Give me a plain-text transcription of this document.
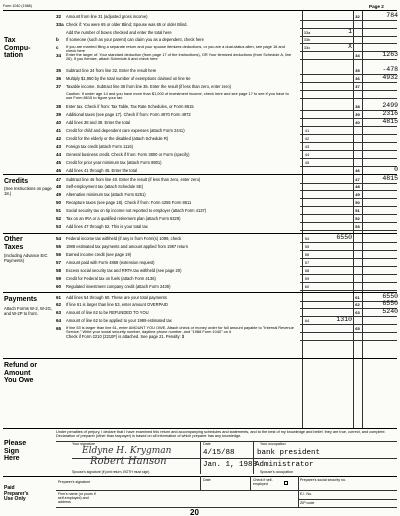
Form 1040 (1988)	Page 2
Tax
Compu-
tation
Credits
(See Instructions on page 18.)
Other
Taxes
(Including Advance EIC Payments)
Payments
Attach Forms W-2, W-2G, and W-2P to front.
Refund or
Amount
You Owe
Please
Sign
Here
Paid
Preparer's
Use Only
32	Amount from line 31 (adjusted gross income)	32	784
33a Check if: You were 65 or older Blind; Spouse was 65 or older Blind.
Add the number of boxes checked and enter the total here	33a	1
b	If someone (such as your parent) can claim you as a dependent, check here	33b
c	If you are married filing a separate return and your spouse itemizes deductions, or you are a dual-status alien, see page 16 and check here
33c	X
34	Enter the larger of: Your standard deduction (from page 17 of the Instructions), OR Your itemized deductions (from Schedule A, line 26). If you itemize, attach Schedule A and check here
34	1263
35	Subtract line 34 from line 32. Enter the result here	35	-478
36	Multiply $1,950 by the total number of exemptions claimed on line 6e	36	4932
37	Taxable income. Subtract line 36 from line 35. Enter the result (if less than zero, enter zero)	37
Caution: If under age 14 and you have more than $1,000 of investment income, check here and see page 17 to see if you have to use Form 8615 to figure your tax.
38	Enter tax. Check if from: Tax Table, Tax Rate Schedules, or Form 8615	38	2499
39	Additional taxes (see page 17). Check if from: Form 4970 Form 4972	39	2316
40	Add lines 38 and 39. Enter the total	40	4815
41	Credit for child and dependent care expenses (attach Form 2441)	41
42	Credit for the elderly or the disabled (attach Schedule R)	42
43	Foreign tax credit (attach Form 1116)	43
44	General business credit. Check if from: Form 3800 or Form (specify)	44
45	Credit for prior year minimum tax (attach Form 8801)	45
46	Add lines 41 through 45. Enter the total	46	0
47	Subtract line 46 from line 40. Enter the result (if less than zero, enter zero)	47	4815
48	Self-employment tax (attach Schedule SE)	48
49	Alternative minimum tax (attach Form 6251)	49
50	Recapture taxes (see page 18). Check if from: Form 4255 Form 8611	50
51	Social security tax on tip income not reported to employer (attach Form 4137)	51
52	Tax on an IRA or a qualified retirement plan (attach Form 5329)	52
53	Add lines 47 through 52. This is your total tax	53
54	Federal income tax withheld (if any is from Form(s) 1099, check	54	6550
55	1988 estimated tax payments and amount applied from 1987 return	55
56	Earned income credit (see page 19)	56
57	Amount paid with Form 4868 (extension request)	57
58	Excess social security tax and RRTA tax withheld (see page 20)	58
59	Credit for Federal tax on fuels (attach Form 4136)	59
60	Regulated investment company credit (attach Form 2439)	60
61	Add lines 54 through 60. These are your total payments	61	6550
62	If line 61 is larger than line 53, enter amount OVERPAID	62	6550
63	Amount of line 62 to be REFUNDED TO YOU	63	5240
64	Amount of line 62 to be applied to your 1989 estimated tax	64	1310
65	If line 53 is larger than line 61, enter AMOUNT YOU OWE. Attach check or money order for full amount payable to "Internal Revenue Service." Write your social security number, daytime phone number, and "1988 Form 1040" on it
65
Check if Form 2210 (2210F) is attached. See page 21. Penalty: $
Under penalties of perjury, I declare that I have examined this return and accompanying schedules and statements, and to the best of my knowledge and belief, they are true, correct, and complete. Declaration of preparer (other than taxpayer) is based on all information of which preparer has any knowledge.
Your signature	Date	Your occupation
Eldyne H. Krygman	4/15/88	bank president
Robert Hanson	Jan. 1, 1988
Administrator
Spouse's signature (if joint return, BOTH must sign)	Spouse's occupation
Preparer's signature	Date	Check if self-employed
Preparer's social security no.
Firm's name (or yours if self-employed) and address
E.I. No.
ZIP code
20
